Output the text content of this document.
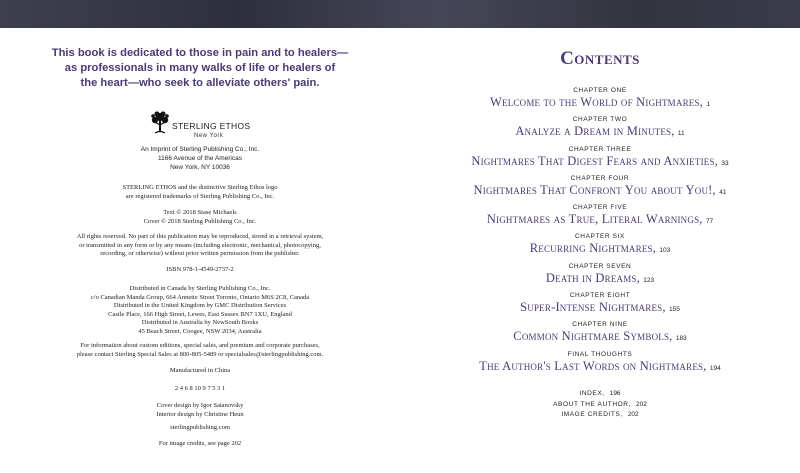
This book is dedicated to those in pain and to healers—
as professionals in many walks of life or healers of
the heart—who seek to alleviate others' pain.
STERLING ETHOS
New York
An Imprint of Sterling Publishing Co., Inc.
1166 Avenue of the Americas
New York, NY 10036
STERLING ETHOS and the distinctive Sterling Ethos logo
are registered trademarks of Sterling Publishing Co., Inc.
Text © 2018 Stase Michaels
Cover © 2018 Sterling Publishing Co., Inc.
All rights reserved. No part of this publication may be reproduced, stored in a retrieval system,
or transmitted in any form or by any means (including electronic, mechanical, photocopying,
recording, or otherwise) without prior written permission from the publisher.
ISBN 978-1-4549-2737-2
Distributed in Canada by Sterling Publishing Co., Inc.
c/o Canadian Manda Group, 664 Annette Street Toronto, Ontario M6S 2C8, Canada
Distributed in the United Kingdom by GMC Distribution Services
Castle Place, 166 High Street, Lewes, East Sussex BN7 1XU, England
Distributed in Australia by NewSouth Books
45 Beach Street, Coogee, NSW 2034, Australia
For information about custom editions, special sales, and premium and corporate purchases,
please contact Sterling Special Sales at 800-805-5489 or specialsales@sterlingpublishing.com.
Manufactured in China
2 4 6 8 10 9 7 5 3 1
Cover design by Igor Satanovsky
Interior design by Christine Heun
sterlingpublishing.com
For image credits, see page 202
Contents
CHAPTER ONE
Welcome to the World of Nightmares, 1
CHAPTER TWO
Analyze a Dream in Minutes, 11
CHAPTER THREE
Nightmares That Digest Fears and Anxieties, 33
CHAPTER FOUR
Nightmares That Confront You about You!, 41
CHAPTER FIVE
Nightmares as True, Literal Warnings, 77
CHAPTER SIX
Recurring Nightmares, 103
CHAPTER SEVEN
Death in Dreams, 123
CHAPTER EIGHT
Super-Intense Nightmares, 155
CHAPTER NINE
Common Nightmare Symbols, 183
FINAL THOUGHTS
The Author's Last Words on Nightmares, 194
INDEX, 196
ABOUT THE AUTHOR, 202
IMAGE CREDITS, 202
